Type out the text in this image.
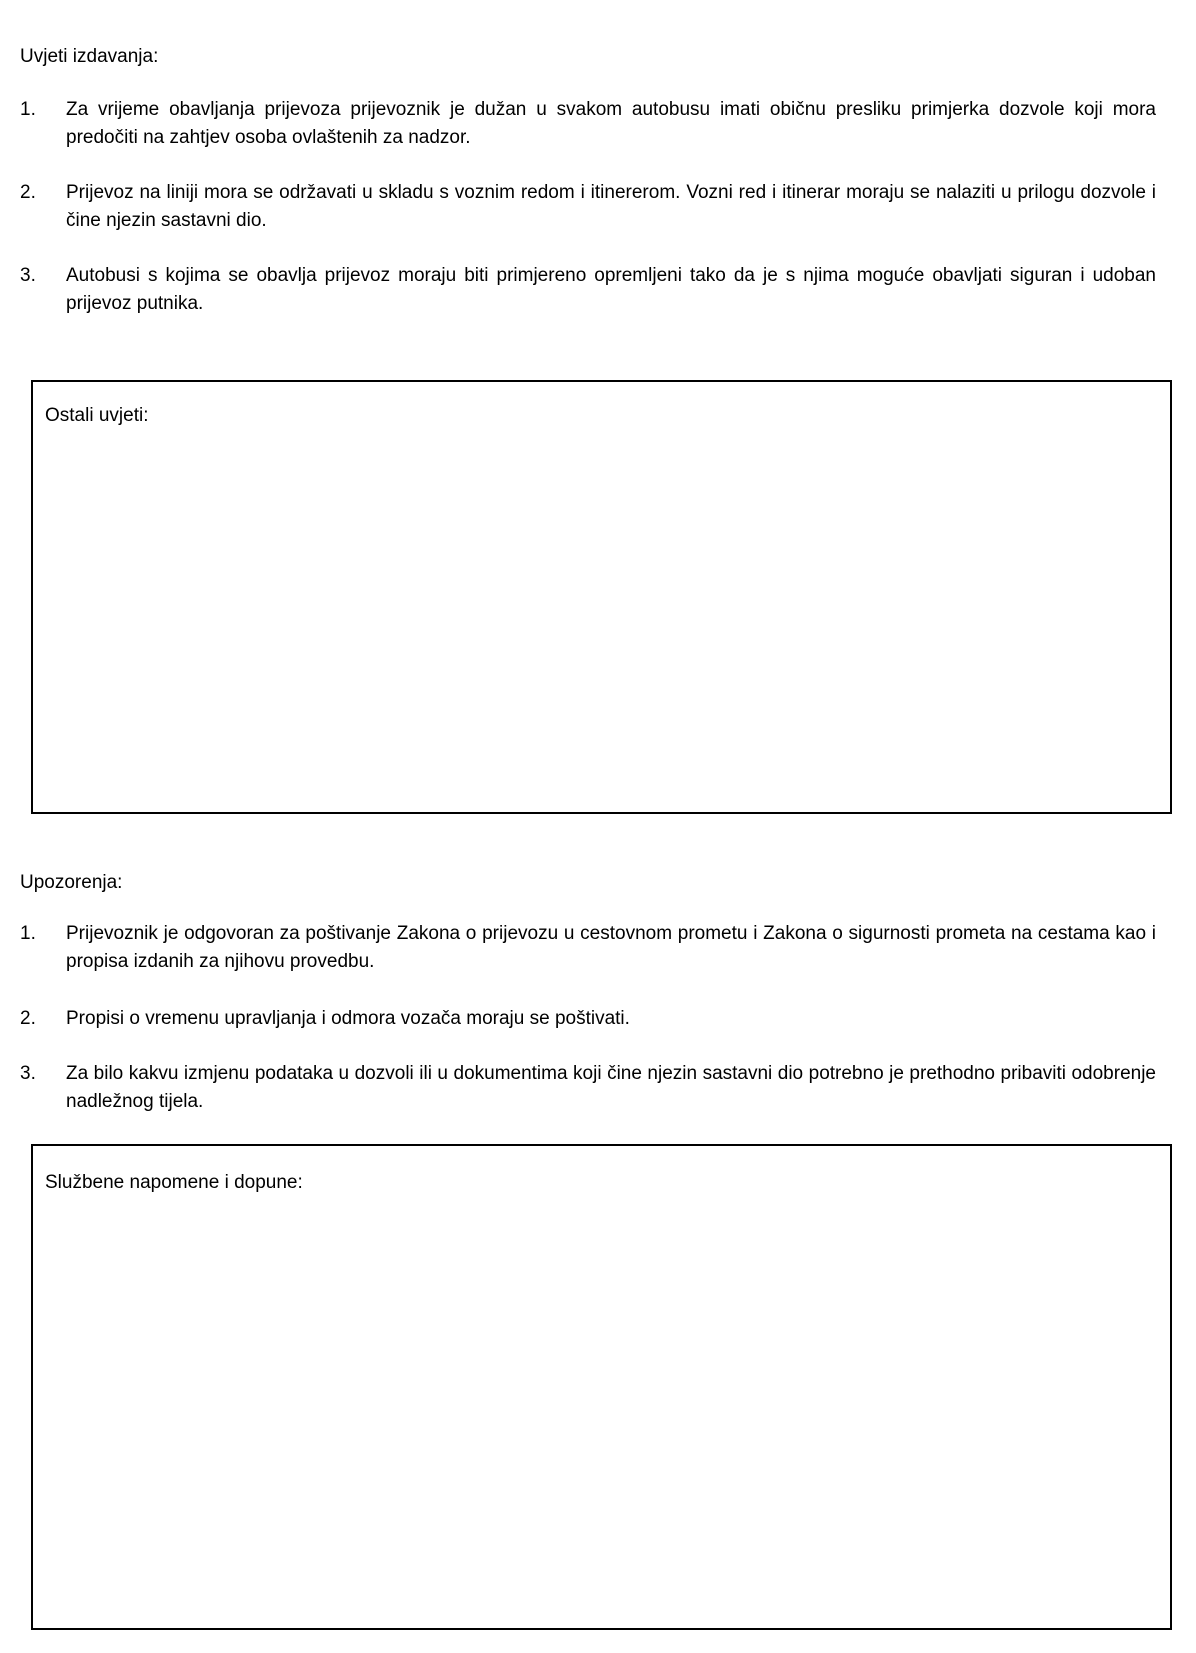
Uvjeti izdavanja:
1.	Za vrijeme obavljanja prijevoza prijevoznik je dužan u svakom autobusu imati običnu presliku primjerka dozvole koji mora predočiti na zahtjev osoba ovlaštenih za nadzor.
2.	Prijevoz na liniji mora se održavati u skladu s voznim redom i itinererom. Vozni red i itinerar moraju se nalaziti u prilogu dozvole i čine njezin sastavni dio.
3.	Autobusi s kojima se obavlja prijevoz moraju biti primjereno opremljeni tako da je s njima moguće obavljati siguran i udoban prijevoz putnika.
Ostali uvjeti:
Upozorenja:
1.	Prijevoznik je odgovoran za poštivanje Zakona o prijevozu u cestovnom prometu i Zakona o sigurnosti prometa na cestama kao i propisa izdanih za njihovu provedbu.
2.	Propisi o vremenu upravljanja i odmora vozača moraju se poštivati.
3.	Za bilo kakvu izmjenu podataka u dozvoli ili u dokumentima koji čine njezin sastavni dio potrebno je prethodno pribaviti odobrenje nadležnog tijela.
Službene napomene i dopune:
